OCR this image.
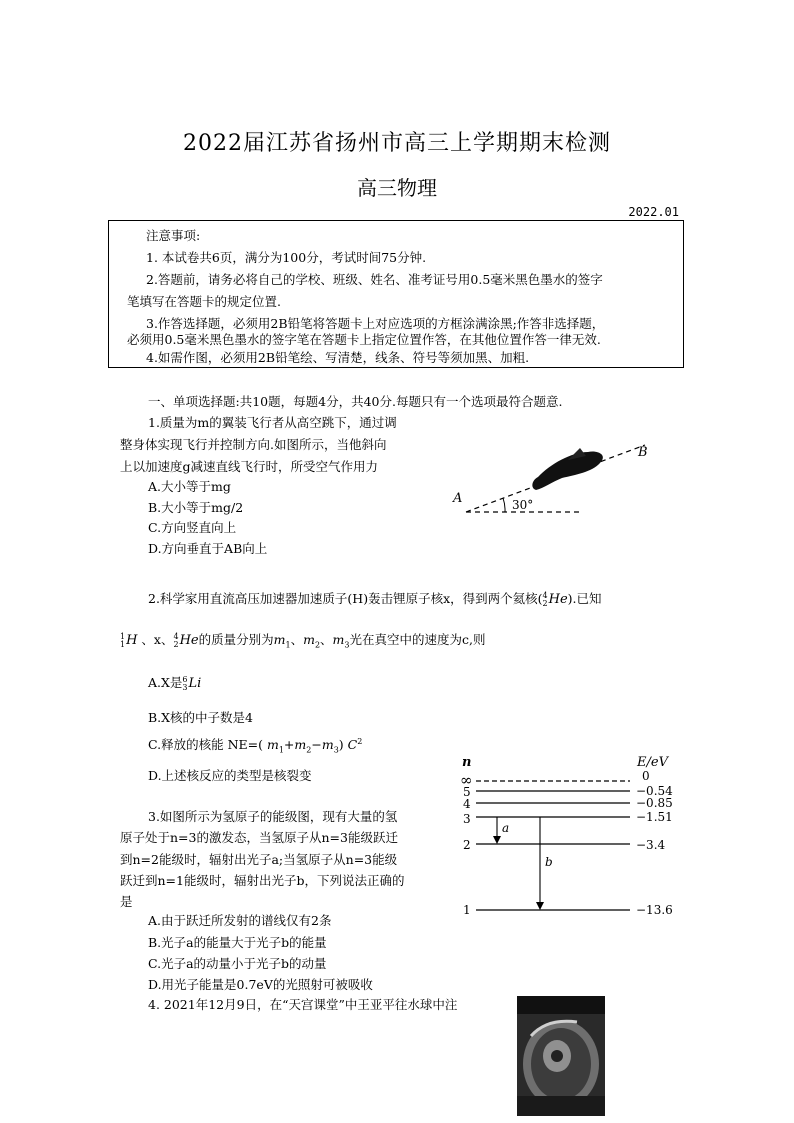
2022届江苏省扬州市高三上学期期末检测
高三物理
2022.01
注意事项:
1. 本试卷共6页，满分为100分，考试时间75分钟.
2.答题前，请务必将自己的学校、班级、姓名、准考证号用0.5毫米黑色墨水的签字
笔填写在答题卡的规定位置.
3.作答选择题，必须用2B铅笔将答题卡上对应选项的方框涂满涂黑;作答非选择题，
必须用0.5毫米黑色墨水的签字笔在答题卡上指定位置作答，在其他位置作答一律无效.
4.如需作图，必须用2B铅笔绘、写清楚，线条、符号等须加黑、加粗.
一、单项选择题:共10题，每题4分，共40分.每题只有一个选项最符合题意.
1.质量为m的翼装飞行者从高空跳下，通过调
整身体实现飞行并控制方向.如图所示，当他斜向
上以加速度g减速直线飞行时，所受空气作用力
A.大小等于mg
B.大小等于mg/2
C.方向竖直向上
D.方向垂直于AB向上
A
B
30°
2.科学家用直流高压加速器加速质子(H)轰击锂原子核x，得到两个氦核(4
2He).已知
1
1H 、x、4
2He的质量分别为$m_1$、$m_2$、$m_3$光在真空中的速度为c,则
A.X是6
3Li
B.X核的中子数是4
C.释放的核能 NE=( $m_1+m_2-m_3$) $C^2$
D.上述核反应的类型是核裂变
3.如图所示为氢原子的能级图，现有大量的氢
原子处于n=3的激发态，当氢原子从n=3能级跃迁
到n=2能级时，辐射出光子a;当氢原子从n=3能级
跃迁到n=1能级时，辐射出光子b，下列说法正确的
是
A.由于跃迁所发射的谱线仅有2条
B.光子a的能量大于光子b的能量
C.光子a的动量小于光子b的动量
D.用光子能量是0.7eV的光照射可被吸收
n	E/eV
∞	0
5	−0.54
4	−0.85
3	−1.51
2	−3.4
1	−13.6
a
b
4. 2021年12月9日，在“天宫课堂”中王亚平往水球中注
